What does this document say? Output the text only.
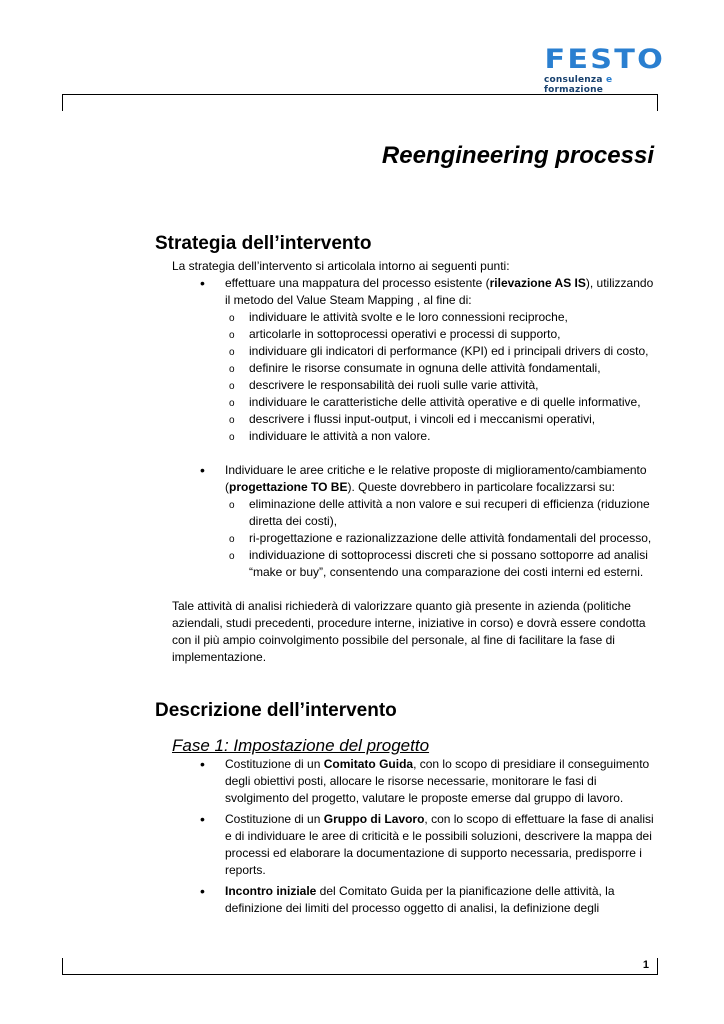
FESTO
consulenza e formazione
Reengineering processi
Strategia dell’intervento

La strategia dell’intervento si articolala intorno ai seguenti punti:

• effettuare una mappatura del processo esistente (rilevazione AS IS), utilizzando il metodo del Value Steam Mapping , al fine di:
o individuare le attività svolte e le loro connessioni reciproche,
o articolarle in sottoprocessi operativi e processi di supporto,
o individuare gli indicatori di performance (KPI) ed i principali drivers di costo,
o definire le risorse consumate in ognuna delle attività fondamentali,
o descrivere le responsabilità dei ruoli sulle varie attività,
o individuare le caratteristiche delle attività operative e di quelle informative,
o descrivere i flussi input-output, i vincoli ed i meccanismi operativi,
o individuare le attività a non valore.
• Individuare le aree critiche e le relative proposte di miglioramento/cambiamento (progettazione TO BE). Queste dovrebbero in particolare focalizzarsi su:
o eliminazione delle attività a non valore e sui recuperi di efficienza (riduzione diretta dei costi),
o ri-progettazione e razionalizzazione delle attività fondamentali del processo,
o individuazione di sottoprocessi discreti che si possano sottoporre ad analisi “make or buy”, consentendo una comparazione dei costi interni ed esterni.

Tale attività di analisi richiederà di valorizzare quanto già presente in azienda (politiche aziendali, studi precedenti, procedure interne, iniziative in corso) e dovrà essere condotta con il più ampio coinvolgimento possibile del personale, al fine di facilitare la fase di implementazione.

Descrizione dell’intervento
Fase 1: Impostazione del progetto
• Costituzione di un Comitato Guida, con lo scopo di presidiare il conseguimento degli obiettivi posti, allocare le risorse necessarie, monitorare le fasi di svolgimento del progetto, valutare le proposte emerse dal gruppo di lavoro.
• Costituzione di un Gruppo di Lavoro, con lo scopo di effettuare la fase di analisi e di individuare le aree di criticità e le possibili soluzioni, descrivere la mappa dei processi ed elaborare la documentazione di supporto necessaria, predisporre i reports.
• Incontro iniziale del Comitato Guida per la pianificazione delle attività, la definizione dei limiti del processo oggetto di analisi, la definizione degli
1
